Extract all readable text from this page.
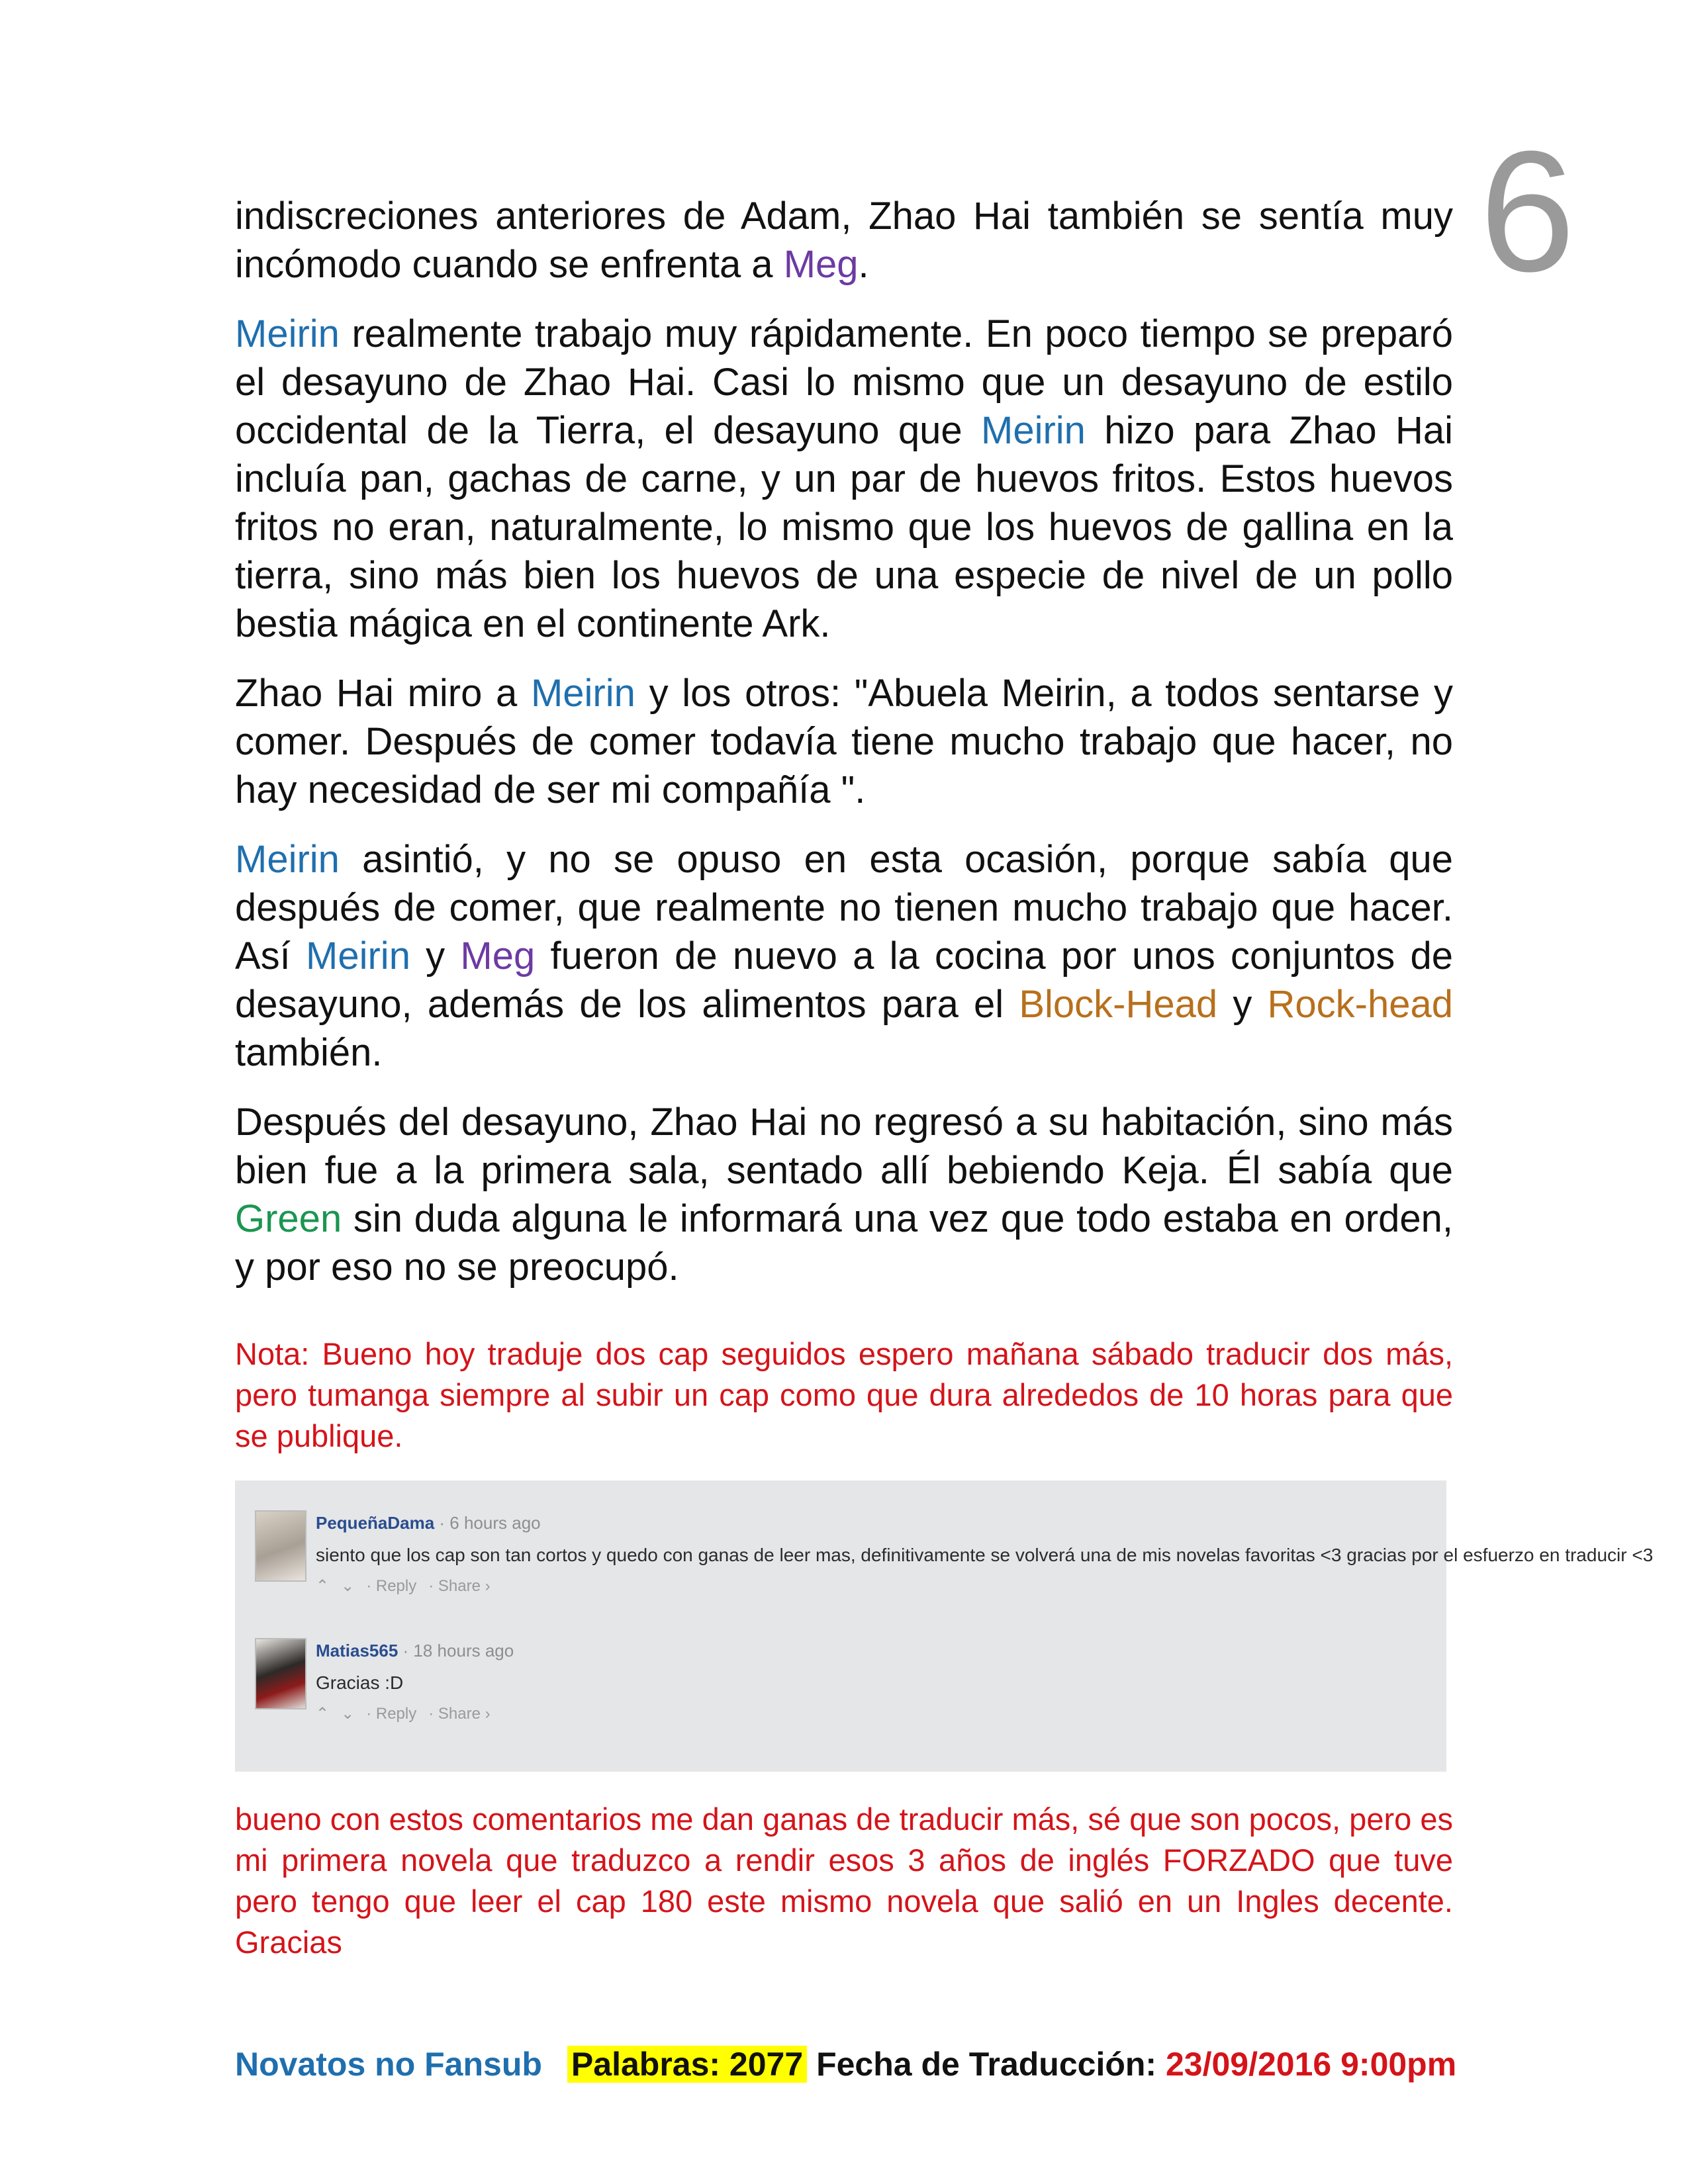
6

indiscreciones anteriores de Adam, Zhao Hai también se sentía muy incómodo cuando se enfrenta a Meg.

Meirin realmente trabajo muy rápidamente. En poco tiempo se preparó el desayuno de Zhao Hai. Casi lo mismo que un desayuno de estilo occidental de la Tierra, el desayuno que Meirin hizo para Zhao Hai incluía pan, gachas de carne, y un par de huevos fritos. Estos huevos fritos no eran, naturalmente, lo mismo que los huevos de gallina en la tierra, sino más bien los huevos de una especie de nivel de un pollo bestia mágica en el continente Ark.

Zhao Hai miro a Meirin y los otros: "Abuela Meirin, a todos sentarse y comer. Después de comer todavía tiene mucho trabajo que hacer, no hay necesidad de ser mi compañía ".

Meirin asintió, y no se opuso en esta ocasión, porque sabía que después de comer, que realmente no tienen mucho trabajo que hacer. Así Meirin y Meg fueron de nuevo a la cocina por unos conjuntos de desayuno, además de los alimentos para el Block-Head y Rock-head también.

Después del desayuno, Zhao Hai no regresó a su habitación, sino más bien fue a la primera sala, sentado allí bebiendo Keja. Él sabía que Green sin duda alguna le informará una vez que todo estaba en orden, y por eso no se preocupó.

Nota: Bueno hoy traduje dos cap seguidos espero mañana sábado traducir dos más, pero tumanga siempre al subir un cap como que dura alrededos de 10 horas para que se publique.
PequeñaDama · 6 hours ago
siento que los cap son tan cortos y quedo con ganas de leer mas, definitivamente se volverá una de mis novelas favoritas <3 gracias por el esfuerzo en traducir <3
⌃ ⌄ · Reply · Share ›
Matias565 · 18 hours ago
Gracias :D
⌃ ⌄ · Reply · Share ›
bueno con estos comentarios me dan ganas de traducir más, sé que son pocos, pero es mi primera novela que traduzco a rendir esos 3 años de inglés FORZADO que tuve pero tengo que leer el cap 180 este mismo novela que salió en un Ingles decente. Gracias
Novatos no Fansub Palabras: 2077 Fecha de Traducción: 23/09/2016 9:00pm
